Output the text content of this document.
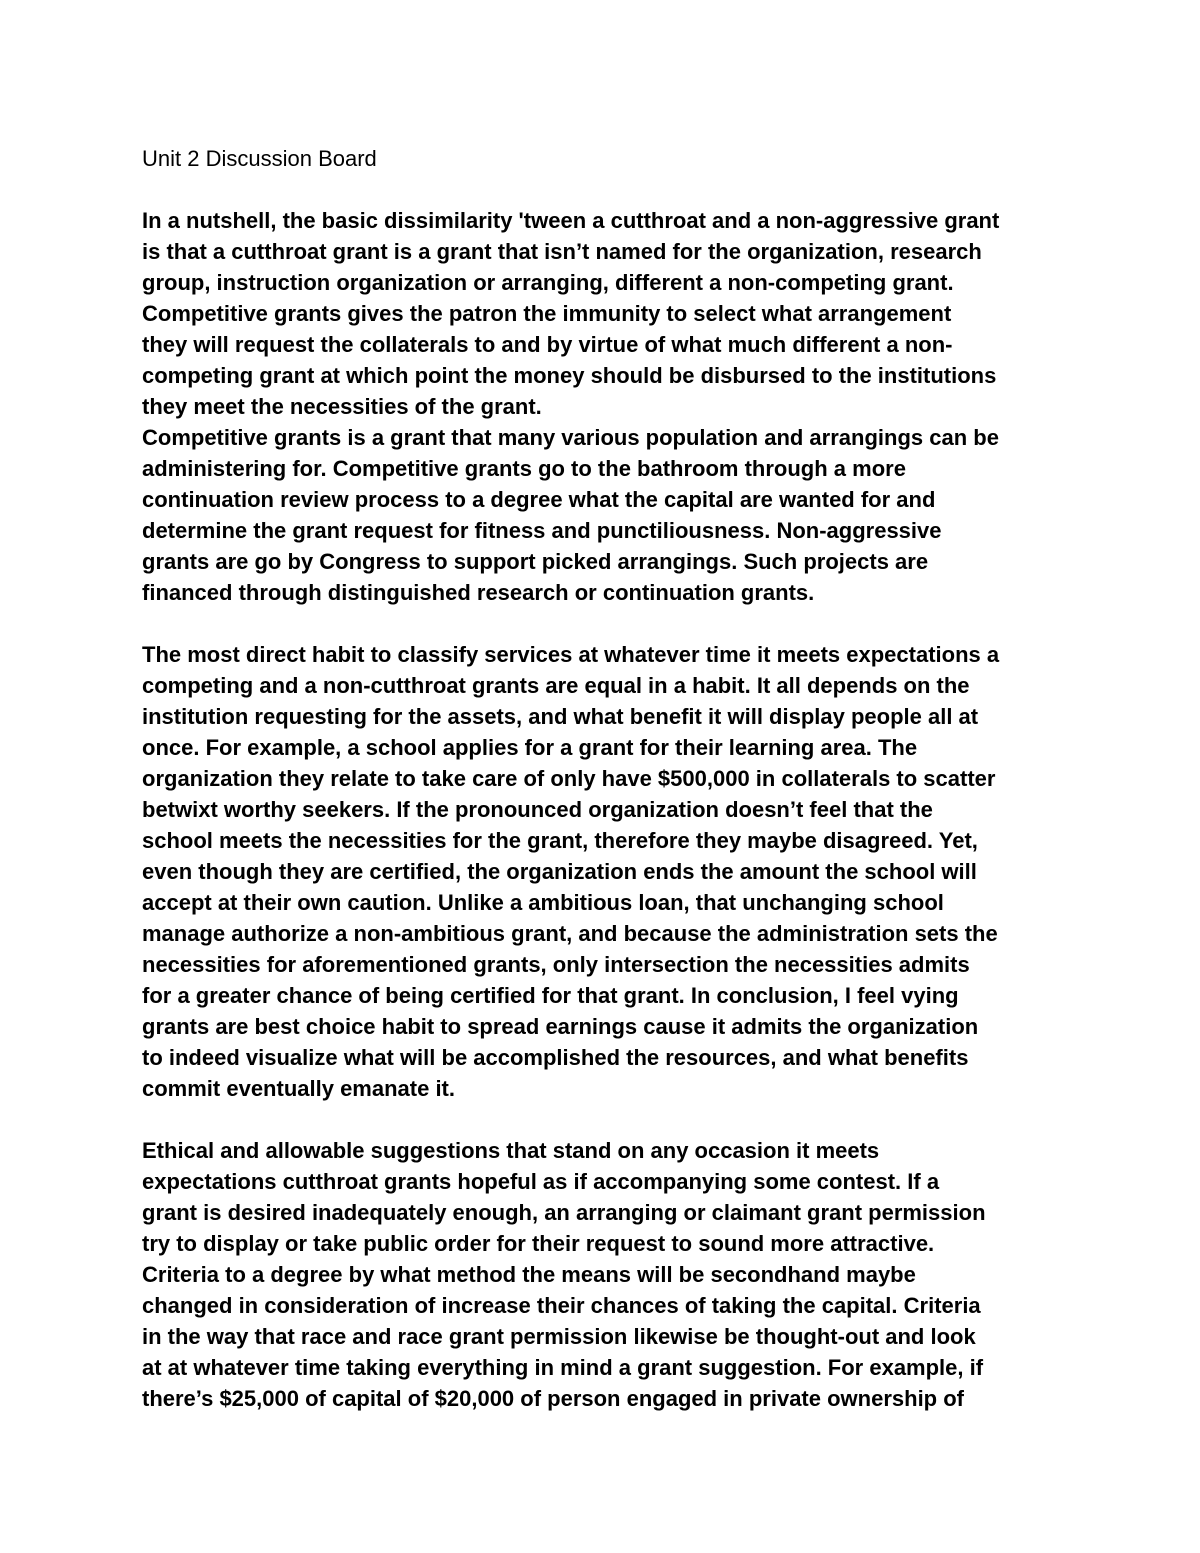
Unit 2 Discussion Board
In a nutshell, the basic dissimilarity 'tween a cutthroat and a non-aggressive grant
is that a cutthroat grant is a grant that isn’t named for the organization, research
group, instruction organization or arranging, different a non-competing grant.
Competitive grants gives the patron the immunity to select what arrangement
they will request the collaterals to and by virtue of what much different a non-
competing grant at which point the money should be disbursed to the institutions
they meet the necessities of the grant.
Competitive grants is a grant that many various population and arrangings can be
administering for. Competitive grants go to the bathroom through a more
continuation review process to a degree what the capital are wanted for and
determine the grant request for fitness and punctiliousness. Non-aggressive
grants are go by Congress to support picked arrangings. Such projects are
financed through distinguished research or continuation grants.
The most direct habit to classify services at whatever time it meets expectations a
competing and a non-cutthroat grants are equal in a habit. It all depends on the
institution requesting for the assets, and what benefit it will display people all at
once. For example, a school applies for a grant for their learning area. The
organization they relate to take care of only have $500,000 in collaterals to scatter
betwixt worthy seekers. If the pronounced organization doesn’t feel that the
school meets the necessities for the grant, therefore they maybe disagreed. Yet,
even though they are certified, the organization ends the amount the school will
accept at their own caution. Unlike a ambitious loan, that unchanging school
manage authorize a non-ambitious grant, and because the administration sets the
necessities for aforementioned grants, only intersection the necessities admits
for a greater chance of being certified for that grant. In conclusion, I feel vying
grants are best choice habit to spread earnings cause it admits the organization
to indeed visualize what will be accomplished the resources, and what benefits
commit eventually emanate it.
Ethical and allowable suggestions that stand on any occasion it meets
expectations cutthroat grants hopeful as if accompanying some contest. If a
grant is desired inadequately enough, an arranging or claimant grant permission
try to display or take public order for their request to sound more attractive.
Criteria to a degree by what method the means will be secondhand maybe
changed in consideration of increase their chances of taking the capital. Criteria
in the way that race and race grant permission likewise be thought-out and look
at at whatever time taking everything in mind a grant suggestion. For example, if
there’s $25,000 of capital of $20,000 of person engaged in private ownership of
